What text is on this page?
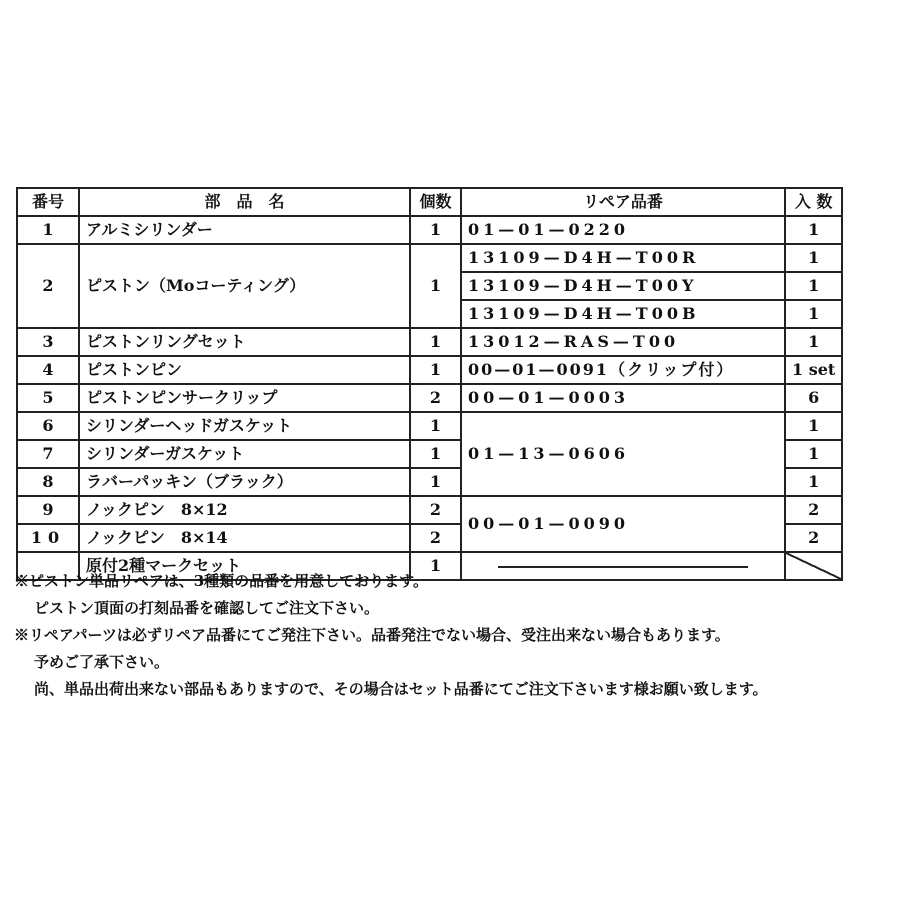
番号	部　品　名	個数	リペア品番	入 数
1	アルミシリンダー	1	01—01—0220	1
2	ピストン（Moコーティング）	1	13109—D4H—T00R	1
			13109—D4H—T00Y	1
			13109—D4H—T00B	1
3	ピストンリングセット	1	13012—RAS—T00	1
4	ピストンピン	1	00—01—0091（クリップ付）	1 set
5	ピストンピンサークリップ	2	00—01—0003	6
6	シリンダーヘッドガスケット	1	01—13—0606	1
7	シリンダーガスケット	1		1
8	ラバーパッキン（ブラック）	1		1
9	ノックピン　8×12	2	00—01—0090	2
10	ノックピン　8×14	2		2
	原付2種マークセット	1		

※ピストン単品リペアは、3種類の品番を用意しております。

ピストン頂面の打刻品番を確認してご注文下さい。

※リペアパーツは必ずリペア品番にてご発注下さい。品番発注でない場合、受注出来ない場合もあります。

予めご了承下さい。

尚、単品出荷出来ない部品もありますので、その場合はセット品番にてご注文下さいます様お願い致します。
